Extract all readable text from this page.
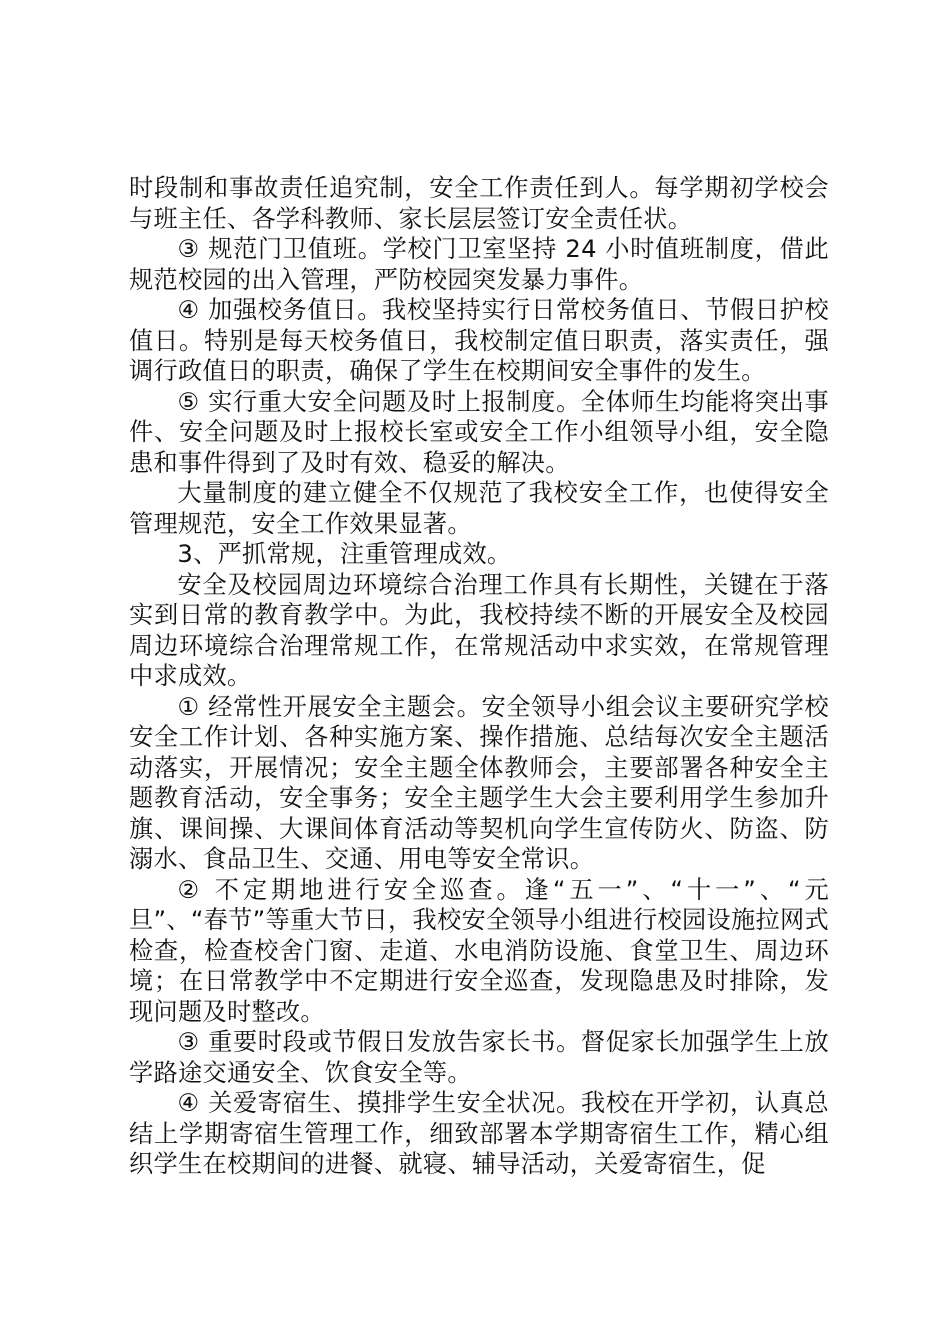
时段制和事故责任追究制，安全工作责任到人。每学期初学校会与班主任、各学科教师、家长层层签订安全责任状。

③ 规范门卫值班。学校门卫室坚持 24 小时值班制度，借此规范校园的出入管理，严防校园突发暴力事件。

④ 加强校务值日。我校坚持实行日常校务值日、节假日护校值日。特别是每天校务值日，我校制定值日职责，落实责任，强调行政值日的职责，确保了学生在校期间安全事件的发生。

⑤ 实行重大安全问题及时上报制度。全体师生均能将突出事件、安全问题及时上报校长室或安全工作小组领导小组，安全隐患和事件得到了及时有效、稳妥的解决。

大量制度的建立健全不仅规范了我校安全工作，也使得安全管理规范，安全工作效果显著。

3、严抓常规，注重管理成效。

安全及校园周边环境综合治理工作具有长期性，关键在于落实到日常的教育教学中。为此，我校持续不断的开展安全及校园周边环境综合治理常规工作，在常规活动中求实效，在常规管理中求成效。

① 经常性开展安全主题会。安全领导小组会议主要研究学校安全工作计划、各种实施方案、操作措施、总结每次安全主题活动落实，开展情况；安全主题全体教师会，主要部署各种安全主题教育活动，安全事务；安全主题学生大会主要利用学生参加升旗、课间操、大课间体育活动等契机向学生宣传防火、防盗、防溺水、食品卫生、交通、用电等安全常识。

② 不定期地进行安全巡查。逢“五一”、“十一”、“元旦”、“春节”等重大节日，我校安全领导小组进行校园设施拉网式检查，检查校舍门窗、走道、水电消防设施、食堂卫生、周边环境；在日常教学中不定期进行安全巡查，发现隐患及时排除，发现问题及时整改。

③ 重要时段或节假日发放告家长书。督促家长加强学生上放学路途交通安全、饮食安全等。

④ 关爱寄宿生、摸排学生安全状况。我校在开学初，认真总结上学期寄宿生管理工作，细致部署本学期寄宿生工作，精心组织学生在校期间的进餐、就寝、辅导活动，关爱寄宿生，促
